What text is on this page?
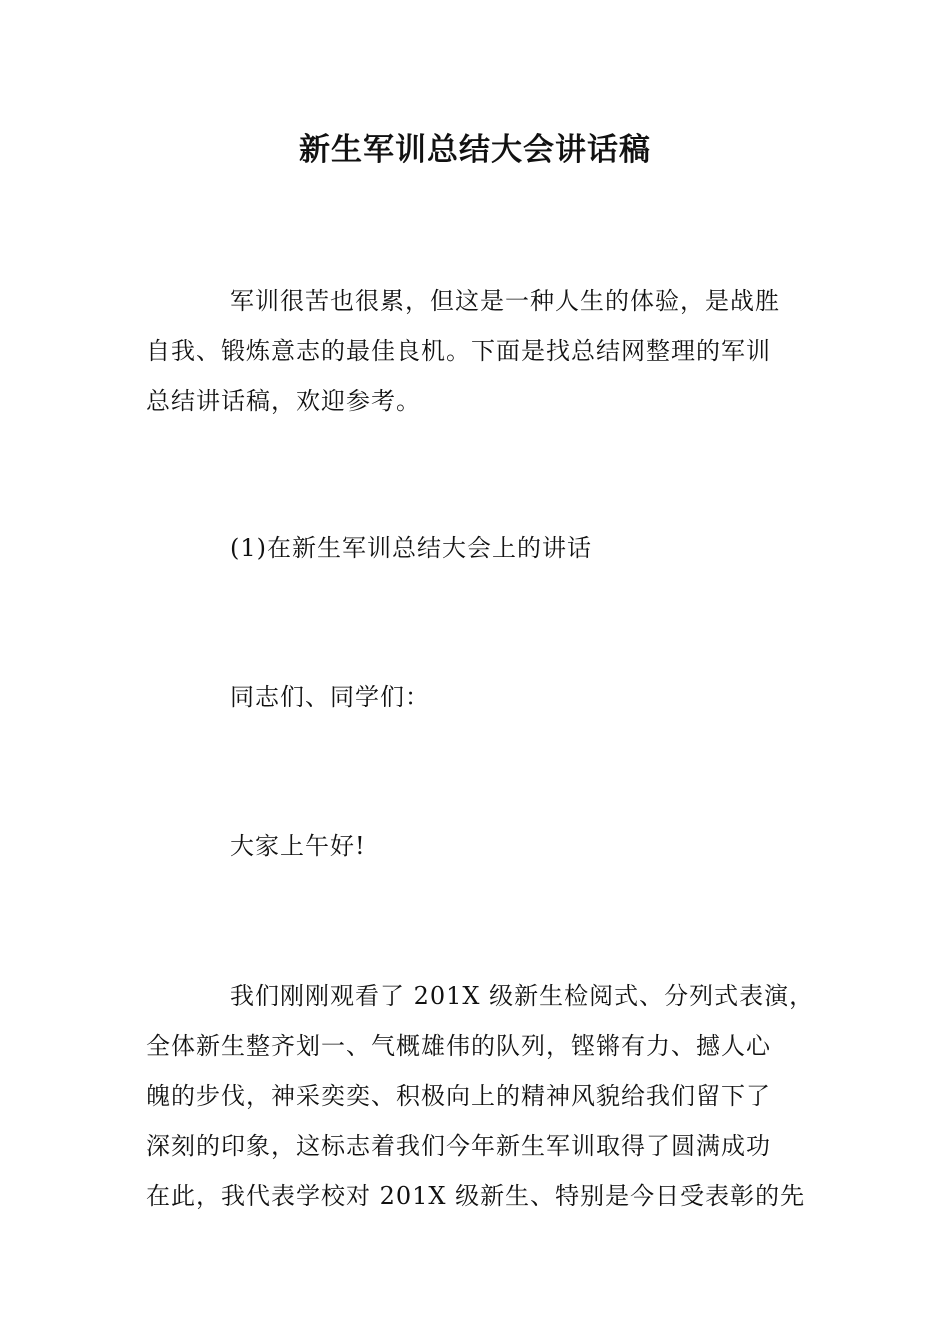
新生军训总结大会讲话稿
军训很苦也很累，但这是一种人生的体验，是战胜
自我、锻炼意志的最佳良机。下面是找总结网整理的军训
总结讲话稿，欢迎参考。

(1)在新生军训总结大会上的讲话

同志们、同学们：

大家上午好!

我们刚刚观看了 201X 级新生检阅式、分列式表演，
全体新生整齐划一、气概雄伟的队列，铿锵有力、撼人心
魄的步伐，神采奕奕、积极向上的精神风貌给我们留下了
深刻的印象，这标志着我们今年新生军训取得了圆满成功
在此，我代表学校对 201X 级新生、特别是今日受表彰的先
